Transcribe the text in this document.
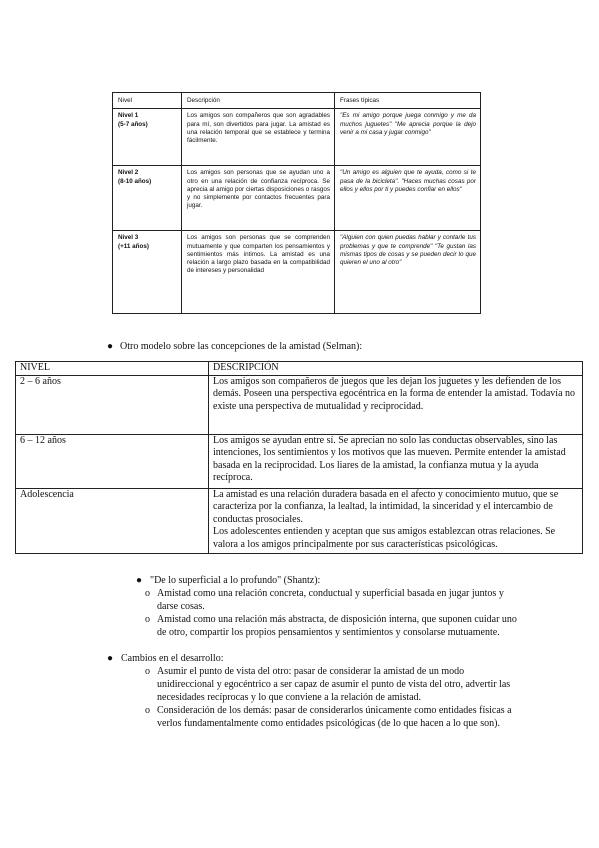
Nivel	Descripción	Frases típicas

Nivel 1
(5-7 años)	Los amigos son compañeros que son agradables para mí, son divertidos para jugar. La amistad es una relación temporal que se establece y termina fácilmente.	"Es mi amigo porque juega conmigo y me da muchos juguetes" "Me aprecia porque la dejo venir a mi casa y jugar conmigo"

Nivel 2
(8-10 años)	Los amigos son personas que se ayudan uno a otro en una relación de confianza recíproca. Se aprecia al amigo por ciertas disposiciones o rasgos y no simplemente por contactos frecuentes para jugar.	"Un amigo es alguien que te ayuda, como si te pasa de la bicicleta". "Haces muchas cosas por ellos y ellos por ti y puedes confiar en ellos"

Nivel 3
(+11 años)	Los amigos son personas que se comprenden mutuamente y que comparten los pensamientos y sentimientos más íntimos. La amistad es una relación a largo plazo basada en la compatibilidad de intereses y personalidad	"Alguien con quien puedas hablar y contarle tus problemas y que te comprende" "Te gustan las mismas tipos de cosas y se pueden decir lo que quieren el uno al otro"
● Otro modelo sobre las concepciones de la amistad (Selman):
NIVEL	DESCRIPCIÓN
2 – 6 años	Los amigos son compañeros de juegos que les dejan los juguetes y les defienden de los demás. Poseen una perspectiva egocéntrica en la forma de entender la amistad. Todavía no existe una perspectiva de mutualidad y reciprocidad.

6 – 12 años	Los amigos se ayudan entre sí. Se aprecian no solo las conductas observables, sino las intenciones, los sentimientos y los motivos que las mueven. Permite entender la amistad basada en la reciprocidad. Los liares de la amistad, la confianza mutua y la ayuda recíproca.

Adolescencia	La amistad es una relación duradera basada en el afecto y conocimiento mutuo, que se caracteriza por la confianza, la lealtad, la intimidad, la sinceridad y el intercambio de conductas prosociales.

Los adolescentes entienden y aceptan que sus amigos establezcan otras relaciones. Se valora a los amigos principalmente por sus características psicológicas.

● "De lo superficial a lo profundo" (Shantz):
o Amistad como una relación concreta, conductual y superficial basada en jugar juntos y darse cosas.
o Amistad como una relación más abstracta, de disposición interna, que suponen cuidar uno de otro, compartir los propios pensamientos y sentimientos y consolarse mutuamente.
● Cambios en el desarrollo:
o Asumir el punto de vista del otro: pasar de considerar la amistad de un modo unidireccional y egocéntrico a ser capaz de asumir el punto de vista del otro, advertir las necesidades recíprocas y lo que conviene a la relación de amistad.
o Consideración de los demás: pasar de considerarlos únicamente como entidades físicas a verlos fundamentalmente como entidades psicológicas (de lo que hacen a lo que son).
